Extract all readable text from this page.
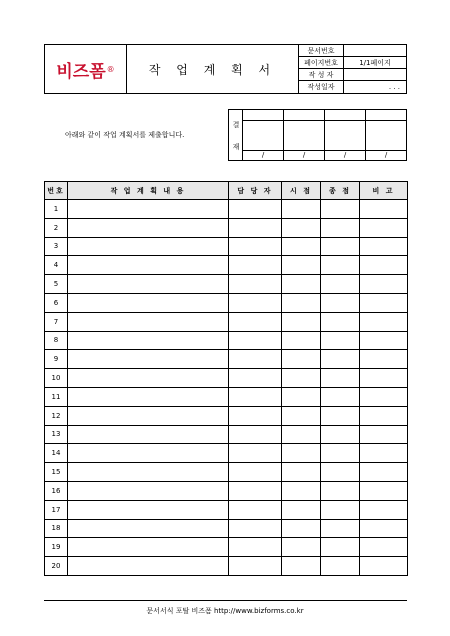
비즈폼 ®	작 업 계 획 서
문서번호
페이지번호	1/1페이지
작 성 자
작성일자	. . .
아래와 같이 작업 계획서를 제출합니다.
결
재
/	/	/	/
번호	작 업 계 획 내 용	담 당 자	시 점	종 점	비 고
1					
2					
3					
4					
5					
6					
7					
8					
9					
10					
11					
12					
13					
14					
15					
16					
17					
18					
19					
20					
문서서식 포탈 비즈폼 http://www.bizforms.co.kr
